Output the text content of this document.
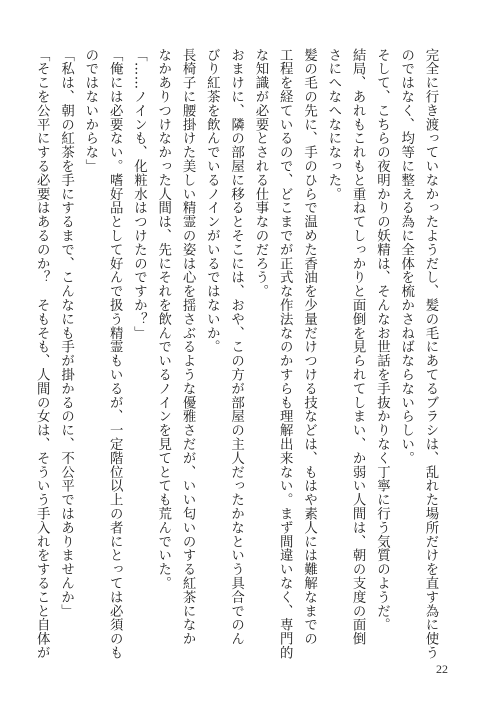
完全に行き渡っていなかったようだし、髪の毛にあてるブラシは、乱れた場所だけを直す為に使う
のではなく、均等に整える為に全体を梳かさねばならないらしい。
そして、こちらの夜明かりの妖精は、そんなお世話を手抜かりなく丁寧に行う気質のようだ。
結局、あれもこれもと重ねてしっかりと面倒を見られてしまい、か弱い人間は、朝の支度の面倒
さにへなへなになった。
髪の毛の先に、手のひらで温めた香油を少量だけつける技などは、もはや素人には難解なまでの
工程を経ているので、どこまでが正式な作法なのかすらも理解出来ない。まず間違いなく、専門的
な知識が必要とされる仕事なのだろう。
おまけに、隣の部屋に移るとそこには、おや、この方が部屋の主人だったかなという具合でのん
びり紅茶を飲んでいるノインがいるではないか。
長椅子に腰掛けた美しい精霊の姿は心を揺さぶるような優雅さだが、いい匂いのする紅茶になか
なかありつけなかった人間は、先にそれを飲んでいるノインを見てとても荒んでいた。
「……ノインも、化粧水はつけたのですか？」
「俺には必要ない。嗜好品として好んで扱う精霊もいるが、一定階位以上の者にとっては必須のも
のではないからな」
「私は、朝の紅茶を手にするまで、こんなにも手が掛かるのに、不公平ではありませんか」
「そこを公平にする必要はあるのか？　そもそも、人間の女は、そういう手入れをすること自体が
22
